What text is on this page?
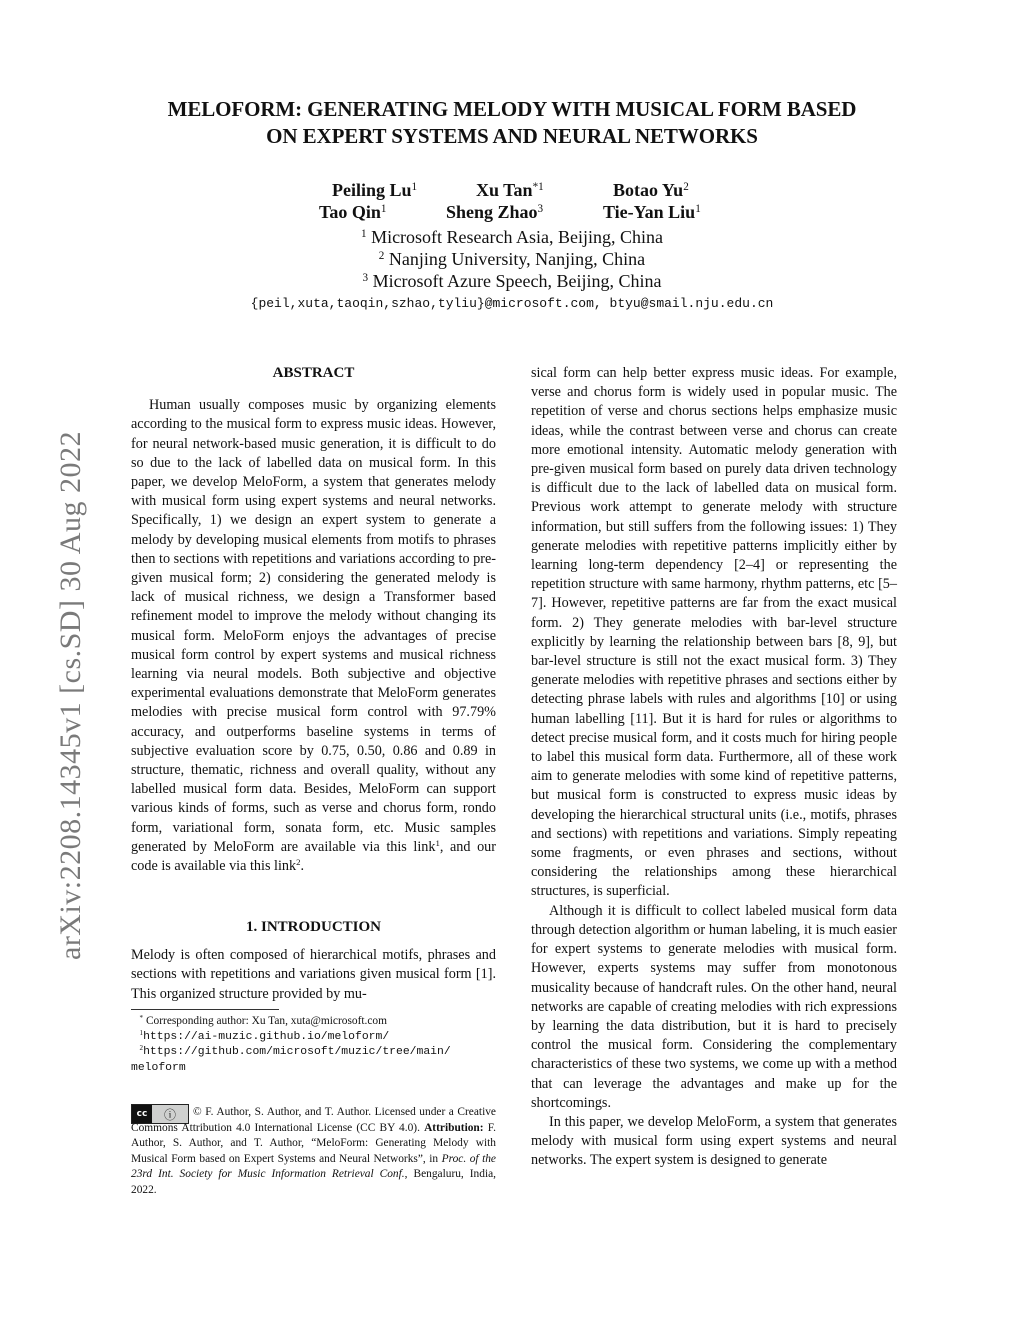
MELOFORM: GENERATING MELODY WITH MUSICAL FORM BASED
ON EXPERT SYSTEMS AND NEURAL NETWORKS
Peiling Lu$^1$	Xu Tan$^{*1}$	Botao Yu$^2$
Tao Qin$^1$	Sheng Zhao$^3$	Tie-Yan Liu$^1$
$^1$ Microsoft Research Asia, Beijing, China
$^2$ Nanjing University, Nanjing, China
$^3$ Microsoft Azure Speech, Beijing, China
{peil,xuta,taoqin,szhao,tyliu}@microsoft.com, btyu@smail.nju.edu.cn
arXiv:2208.14345v1 [cs.SD] 30 Aug 2022
ABSTRACT

Human usually composes music by organizing elements according to the musical form to express music ideas. However, for neural network-based music generation, it is difficult to do so due to the lack of labelled data on musical form. In this paper, we develop MeloForm, a system that generates melody with musical form using expert systems and neural networks. Specifically, 1) we design an expert system to generate a melody by developing musical elements from motifs to phrases then to sections with repetitions and variations according to pre-given musical form; 2) considering the generated melody is lack of musical richness, we design a Transformer based refinement model to improve the melody without changing its musical form. MeloForm enjoys the advantages of precise musical form control by expert systems and musical richness learning via neural models. Both subjective and objective experimental evaluations demonstrate that MeloForm generates melodies with precise musical form control with 97.79% accuracy, and outperforms baseline systems in terms of subjective evaluation score by 0.75, 0.50, 0.86 and 0.89 in structure, thematic, richness and overall quality, without any labelled musical form data. Besides, MeloForm can support various kinds of forms, such as verse and chorus form, rondo form, variational form, sonata form, etc. Music samples generated by MeloForm are available via this link$^1$, and our code is available via this link$^2$.

1. INTRODUCTION

Melody is often composed of hierarchical motifs, phrases and sections with repetitions and variations given musical form [1]. This organized structure provided by mu-

* Corresponding author: Xu Tan, xuta@microsoft.com
$^1$https://ai-muzic.github.io/meloform/
$^2$https://github.com/microsoft/muzic/tree/main/
meloform
cc	ⓘ	© F. Author, S. Author, and T. Author. Licensed under a Creative Commons Attribution 4.0 International License (CC BY 4.0). Attribution: F. Author, S. Author, and T. Author, “MeloForm: Generating Melody with Musical Form based on Expert Systems and Neural Networks”, in Proc. of the 23rd Int. Society for Music Information Retrieval Conf., Bengaluru, India, 2022.

sical form can help better express music ideas. For example, verse and chorus form is widely used in popular music. The repetition of verse and chorus sections helps emphasize music ideas, while the contrast between verse and chorus can create more emotional intensity. Automatic melody generation with pre-given musical form based on purely data driven technology is difficult due to the lack of labelled data on musical form. Previous work attempt to generate melody with structure information, but still suffers from the following issues: 1) They generate melodies with repetitive patterns implicitly either by learning long-term dependency [2–4] or representing the repetition structure with same harmony, rhythm patterns, etc [5–7]. However, repetitive patterns are far from the exact musical form. 2) They generate melodies with bar-level structure explicitly by learning the relationship between bars [8, 9], but bar-level structure is still not the exact musical form. 3) They generate melodies with repetitive phrases and sections either by detecting phrase labels with rules and algorithms [10] or using human labelling [11]. But it is hard for rules or algorithms to detect precise musical form, and it costs much for hiring people to label this musical form data. Furthermore, all of these work aim to generate melodies with some kind of repetitive patterns, but musical form is constructed to express music ideas by developing the hierarchical structural units (i.e., motifs, phrases and sections) with repetitions and variations. Simply repeating some fragments, or even phrases and sections, without considering the relationships among these hierarchical structures, is superficial.

Although it is difficult to collect labeled musical form data through detection algorithm or human labeling, it is much easier for expert systems to generate melodies with musical form. However, experts systems may suffer from monotonous musicality because of handcraft rules. On the other hand, neural networks are capable of creating melodies with rich expressions by learning the data distribution, but it is hard to precisely control the musical form. Considering the complementary characteristics of these two systems, we come up with a method that can leverage the advantages and make up for the shortcomings.

In this paper, we develop MeloForm, a system that generates melody with musical form using expert systems and neural networks. The expert system is designed to generate
